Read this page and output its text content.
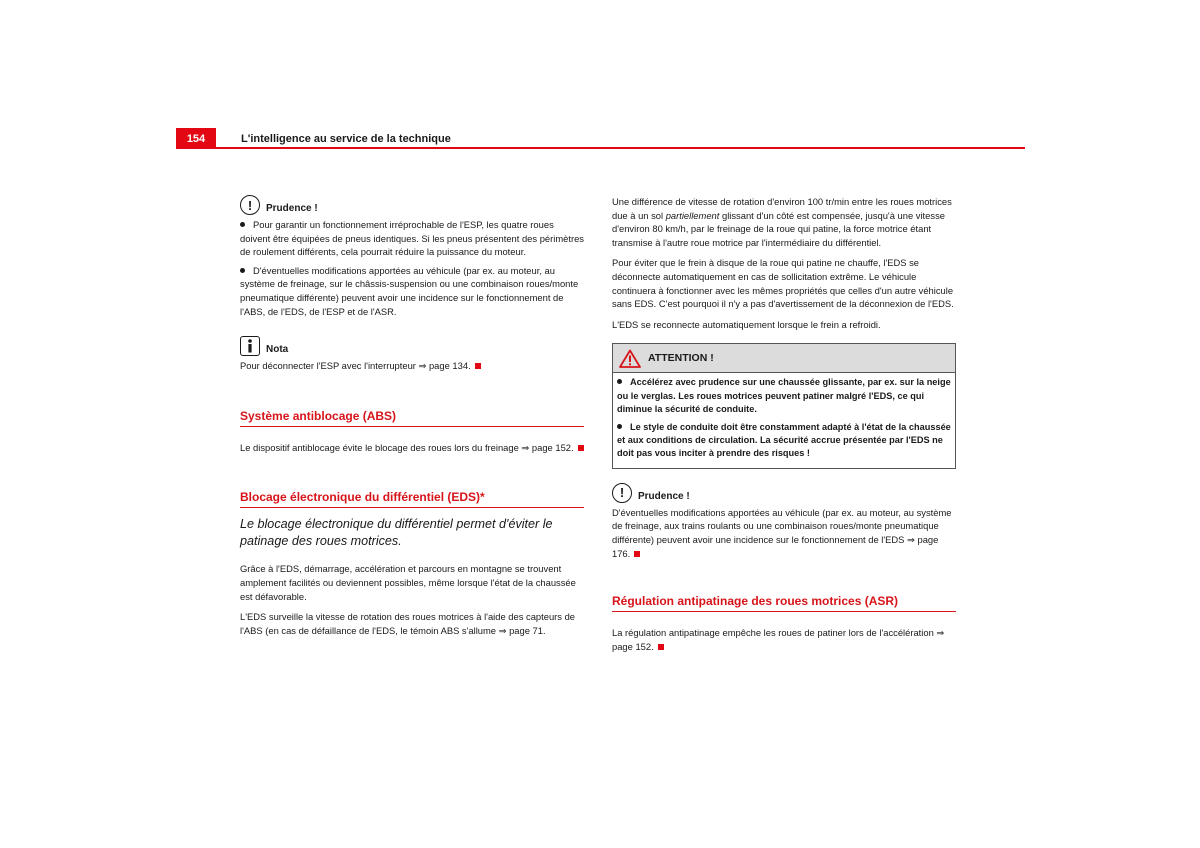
154	L'intelligence au service de la technique
!	Prudence !

Pour garantir un fonctionnement irréprochable de l'ESP, les quatre roues doivent être équipées de pneus identiques. Si les pneus présentent des périmètres de roulement différents, cela pourrait réduire la puissance du moteur.

D'éventuelles modifications apportées au véhicule (par ex. au moteur, au système de freinage, sur le châssis-suspension ou une combinaison roues/monte pneumatique différente) peuvent avoir une incidence sur le fonctionnement de l'ABS, de l'EDS, de l'ESP et de l'ASR.

Nota

Pour déconnecter l'ESP avec l'interrupteur ⇒ page 134.

Système antiblocage (ABS)

Le dispositif antiblocage évite le blocage des roues lors du freinage ⇒ page 152.

Blocage électronique du différentiel (EDS)*
Le blocage électronique du différentiel permet d'éviter le patinage des roues motrices.

Grâce à l'EDS, démarrage, accélération et parcours en montagne se trouvent amplement facilités ou deviennent possibles, même lorsque l'état de la chaussée est défavorable.

L'EDS surveille la vitesse de rotation des roues motrices à l'aide des capteurs de l'ABS (en cas de défaillance de l'EDS, le témoin ABS s'allume ⇒ page 71.

Une différence de vitesse de rotation d'environ 100 tr/min entre les roues motrices due à un sol partiellement glissant d'un côté est compensée, jusqu'à une vitesse d'environ 80 km/h, par le freinage de la roue qui patine, la force motrice étant transmise à l'autre roue motrice par l'intermédiaire du différentiel.

Pour éviter que le frein à disque de la roue qui patine ne chauffe, l'EDS se déconnecte automatiquement en cas de sollicitation extrême. Le véhicule continuera à fonctionner avec les mêmes propriétés que celles d'un autre véhicule sans EDS. C'est pourquoi il n'y a pas d'avertissement de la déconnexion de l'EDS.

L'EDS se reconnecte automatiquement lorsque le frein a refroidi.

ATTENTION !

Accélérez avec prudence sur une chaussée glissante, par ex. sur la neige ou le verglas. Les roues motrices peuvent patiner malgré l'EDS, ce qui diminue la sécurité de conduite.

Le style de conduite doit être constamment adapté à l'état de la chaussée et aux conditions de circulation. La sécurité accrue présentée par l'EDS ne doit pas vous inciter à prendre des risques !

!	Prudence !

D'éventuelles modifications apportées au véhicule (par ex. au moteur, au système de freinage, aux trains roulants ou une combinaison roues/monte pneumatique différente) peuvent avoir une incidence sur le fonctionnement de l'EDS ⇒ page 176.

Régulation antipatinage des roues motrices (ASR)

La régulation antipatinage empêche les roues de patiner lors de l'accélération ⇒ page 152.
